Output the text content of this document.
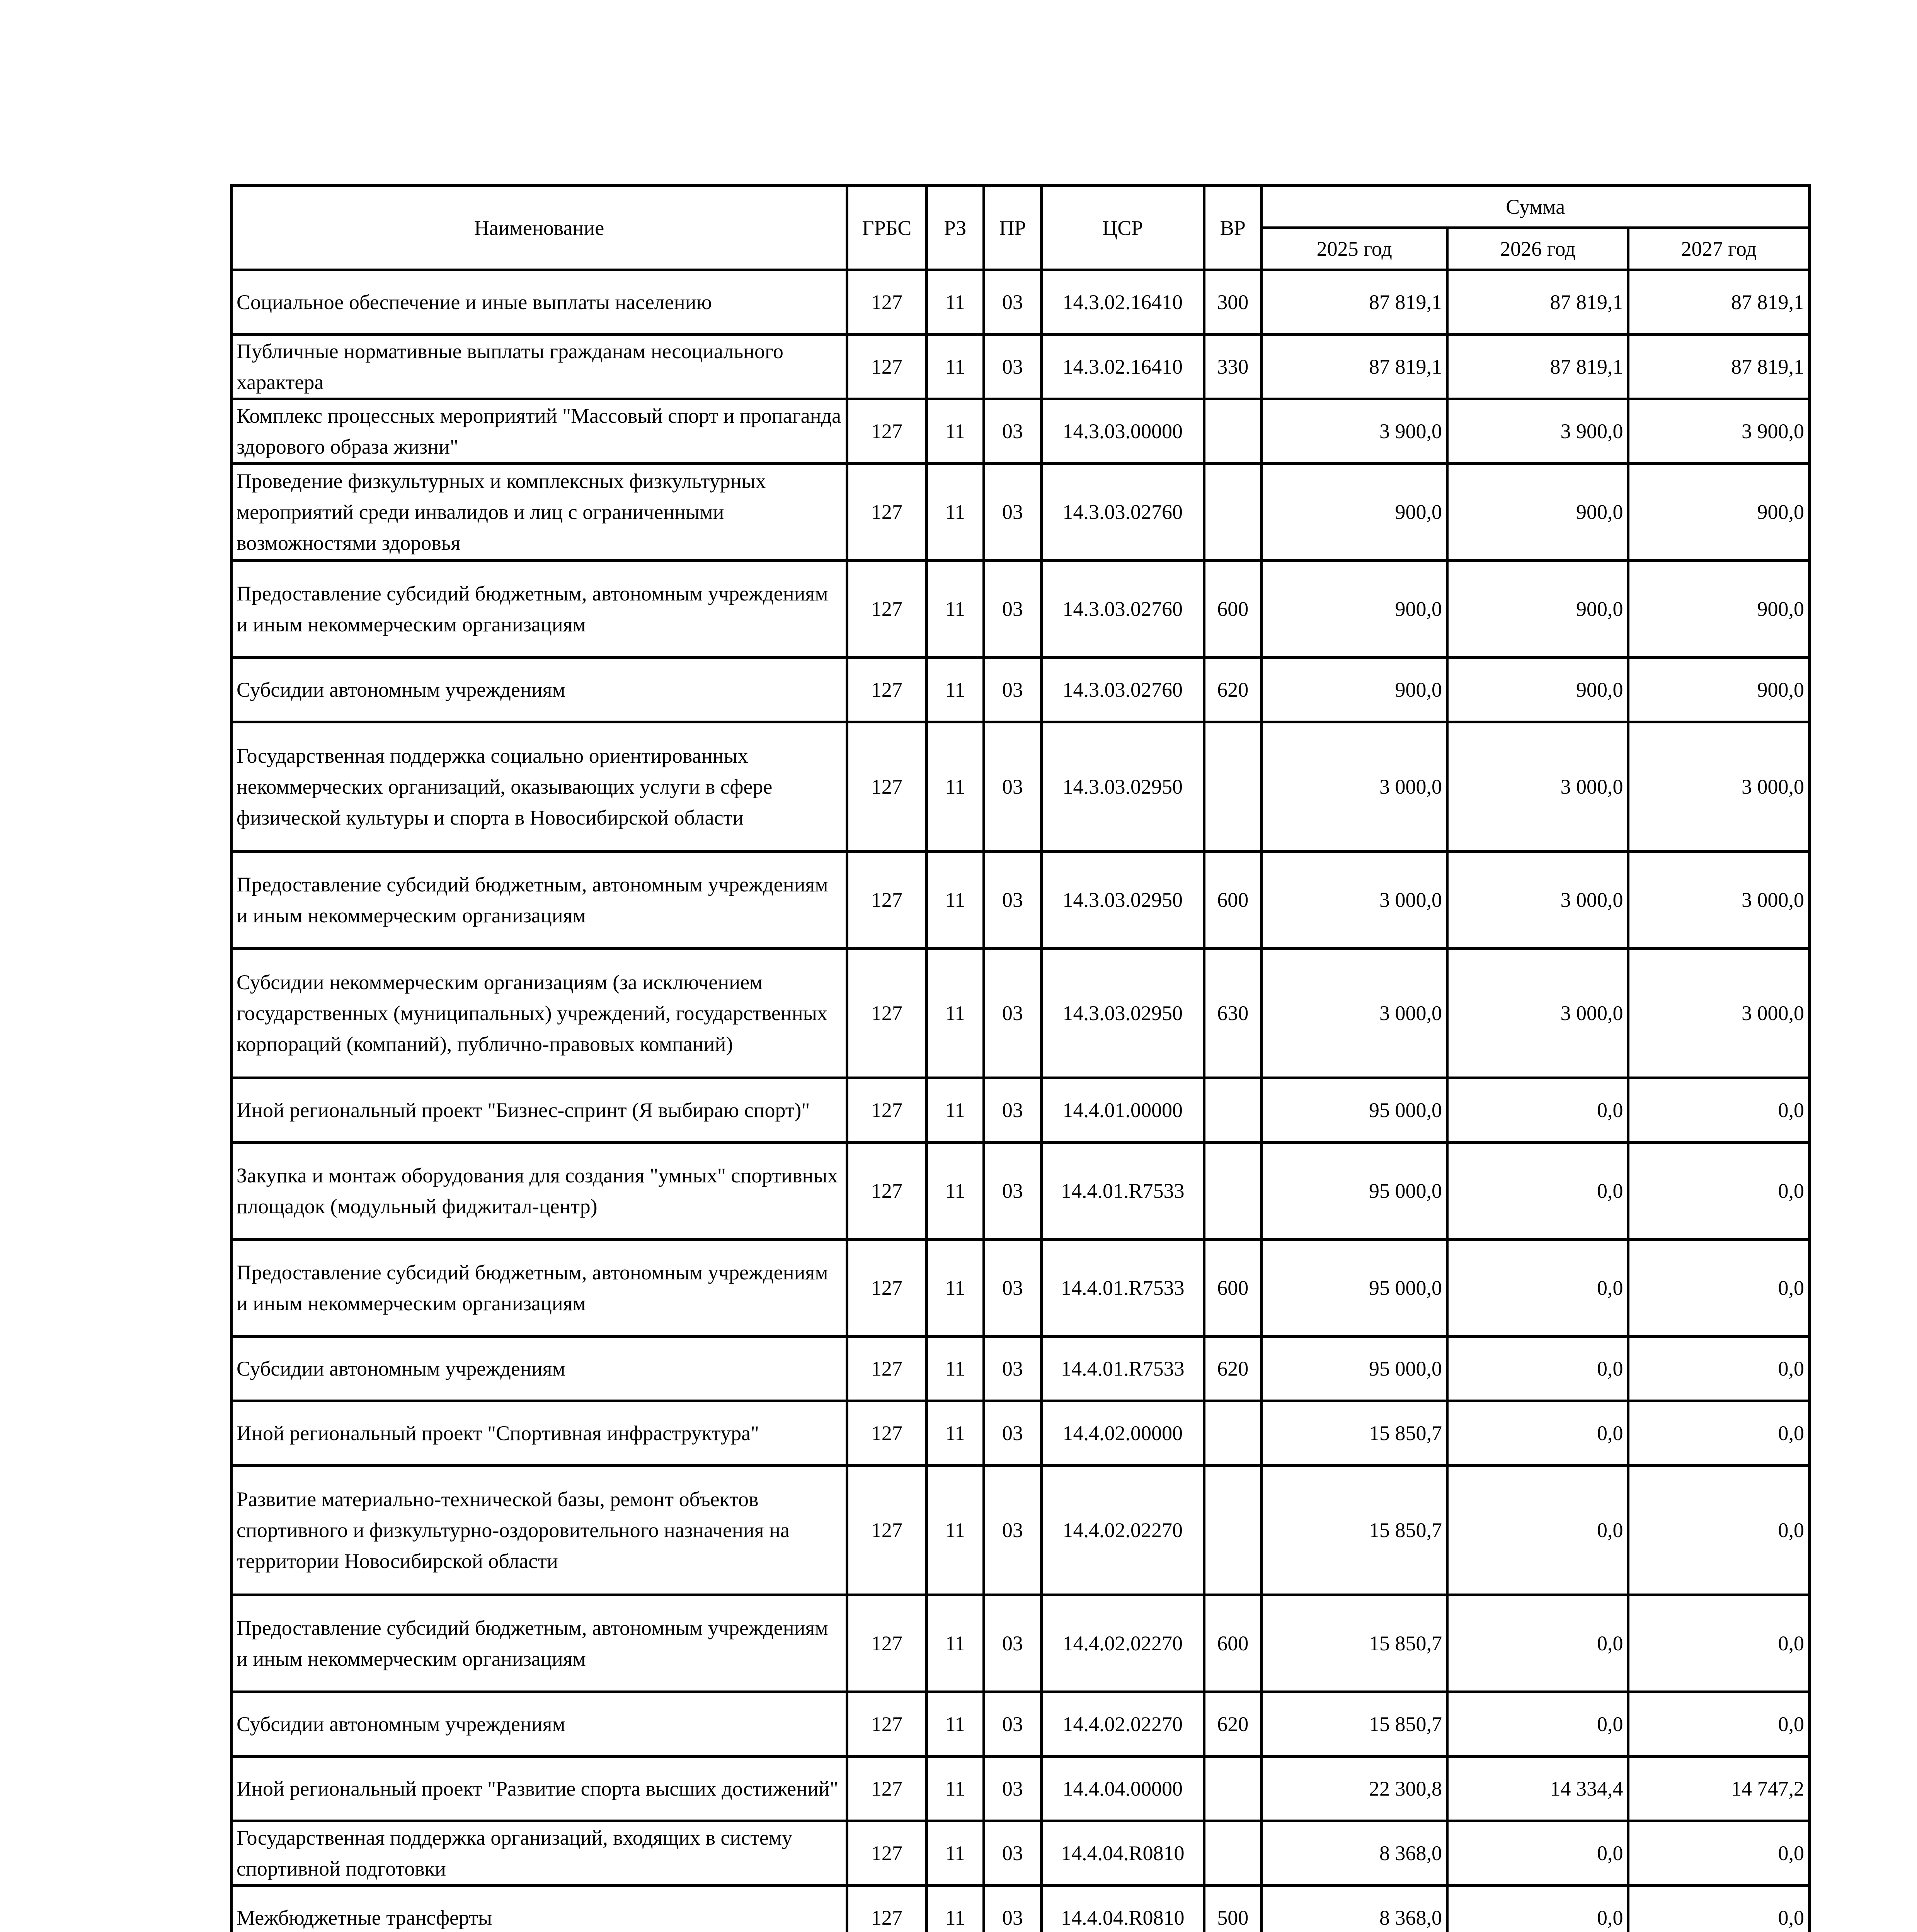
Наименование	ГРБС	РЗ	ПР	ЦСР	ВР	Сумма		
						2025 год	2026 год	2027 год
Социальное обеспечение и иные выплаты населению	127	11	03	14.3.02.16410	300	87 819,1	87 819,1	87 819,1
Публичные нормативные выплаты гражданам несоциального характера	127	11	03	14.3.02.16410	330	87 819,1	87 819,1	87 819,1
Комплекс процессных мероприятий "Массовый спорт и пропаганда здорового образа жизни"	127	11	03	14.3.03.00000		3 900,0	3 900,0	3 900,0
Проведение физкультурных и комплексных физкультурных мероприятий среди инвалидов и лиц с ограниченными возможностями здоровья	127	11	03	14.3.03.02760		900,0	900,0	900,0
Предоставление субсидий бюджетным, автономным учреждениям и иным некоммерческим организациям	127	11	03	14.3.03.02760	600	900,0	900,0	900,0
Субсидии автономным учреждениям	127	11	03	14.3.03.02760	620	900,0	900,0	900,0
Государственная поддержка социально ориентированных некоммерческих организаций, оказывающих услуги в сфере физической культуры и спорта в Новосибирской области	127	11	03	14.3.03.02950		3 000,0	3 000,0	3 000,0
Предоставление субсидий бюджетным, автономным учреждениям и иным некоммерческим организациям	127	11	03	14.3.03.02950	600	3 000,0	3 000,0	3 000,0
Субсидии некоммерческим организациям (за исключением государственных (муниципальных) учреждений, государственных корпораций (компаний), публично-правовых компаний)	127	11	03	14.3.03.02950	630	3 000,0	3 000,0	3 000,0
Иной региональный проект "Бизнес-спринт (Я выбираю спорт)"	127	11	03	14.4.01.00000		95 000,0	0,0	0,0
Закупка и монтаж оборудования для создания "умных" спортивных площадок (модульный фиджитал-центр)	127	11	03	14.4.01.R7533		95 000,0	0,0	0,0
Предоставление субсидий бюджетным, автономным учреждениям и иным некоммерческим организациям	127	11	03	14.4.01.R7533	600	95 000,0	0,0	0,0
Субсидии автономным учреждениям	127	11	03	14.4.01.R7533	620	95 000,0	0,0	0,0
Иной региональный проект "Спортивная инфраструктура"	127	11	03	14.4.02.00000		15 850,7	0,0	0,0
Развитие материально-технической базы, ремонт объектов спортивного и физкультурно-оздоровительного назначения на территории Новосибирской области	127	11	03	14.4.02.02270		15 850,7	0,0	0,0
Предоставление субсидий бюджетным, автономным учреждениям и иным некоммерческим организациям	127	11	03	14.4.02.02270	600	15 850,7	0,0	0,0
Субсидии автономным учреждениям	127	11	03	14.4.02.02270	620	15 850,7	0,0	0,0
Иной региональный проект "Развитие спорта высших достижений"	127	11	03	14.4.04.00000		22 300,8	14 334,4	14 747,2
Государственная поддержка организаций, входящих в систему спортивной подготовки	127	11	03	14.4.04.R0810		8 368,0	0,0	0,0
Межбюджетные трансферты	127	11	03	14.4.04.R0810	500	8 368,0	0,0	0,0
